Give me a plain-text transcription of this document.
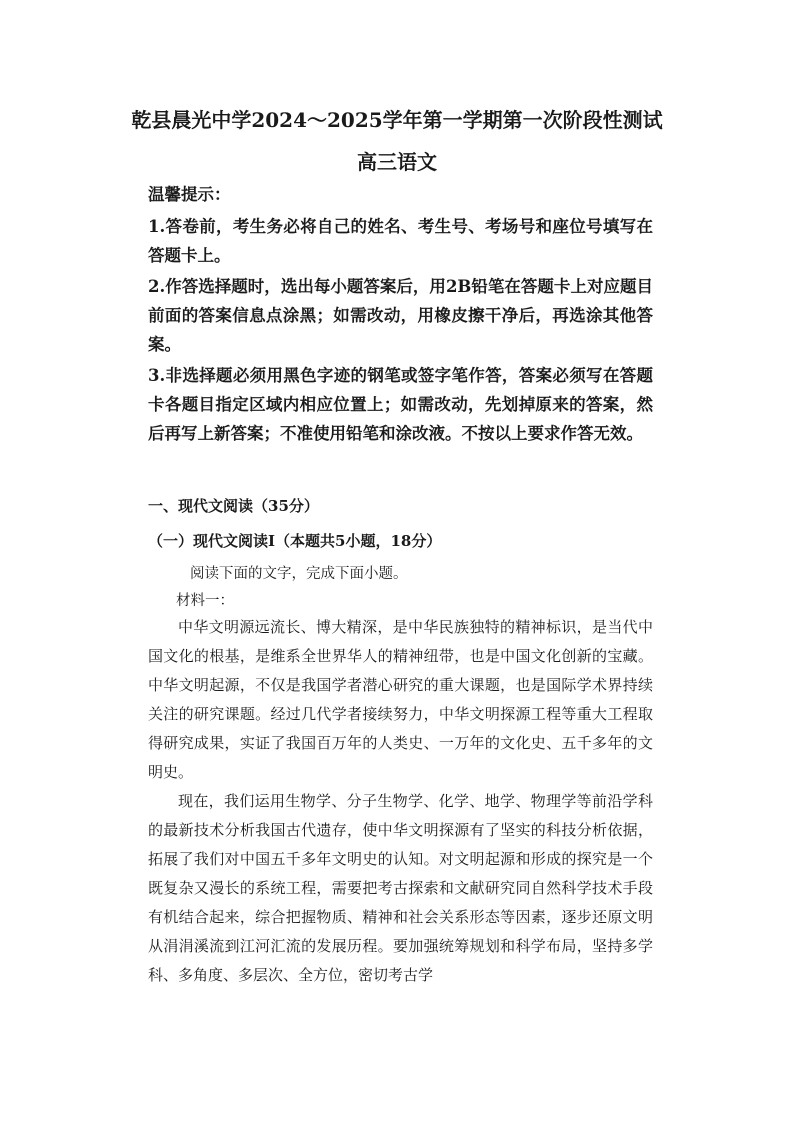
乾县晨光中学2024～2025学年第一学期第一次阶段性测试
高三语文
温馨提示：
1.答卷前，考生务必将自己的姓名、考生号、考场号和座位号填写在答题卡上。
2.作答选择题时，选出每小题答案后，用2B铅笔在答题卡上对应题目前面的答案信息点涂黑；如需改动，用橡皮擦干净后，再选涂其他答案。
3.非选择题必须用黑色字迹的钢笔或签字笔作答，答案必须写在答题卡各题目指定区域内相应位置上；如需改动，先划掉原来的答案，然后再写上新答案；不准使用铅笔和涂改液。不按以上要求作答无效。
一、现代文阅读（35分）
（一）现代文阅读Ⅰ（本题共5小题，18分）
阅读下面的文字，完成下面小题。
材料一：

中华文明源远流长、博大精深，是中华民族独特的精神标识，是当代中国文化的根基，是维系全世界华人的精神纽带，也是中国文化创新的宝藏。中华文明起源，不仅是我国学者潜心研究的重大课题，也是国际学术界持续关注的研究课题。经过几代学者接续努力，中华文明探源工程等重大工程取得研究成果，实证了我国百万年的人类史、一万年的文化史、五千多年的文明史。

现在，我们运用生物学、分子生物学、化学、地学、物理学等前沿学科的最新技术分析我国古代遗存，使中华文明探源有了坚实的科技分析依据，拓展了我们对中国五千多年文明史的认知。对文明起源和形成的探究是一个既复杂又漫长的系统工程，需要把考古探索和文献研究同自然科学技术手段有机结合起来，综合把握物质、精神和社会关系形态等因素，逐步还原文明从涓涓溪流到江河汇流的发展历程。要加强统筹规划和科学布局，坚持多学科、多角度、多层次、全方位，密切考古学
